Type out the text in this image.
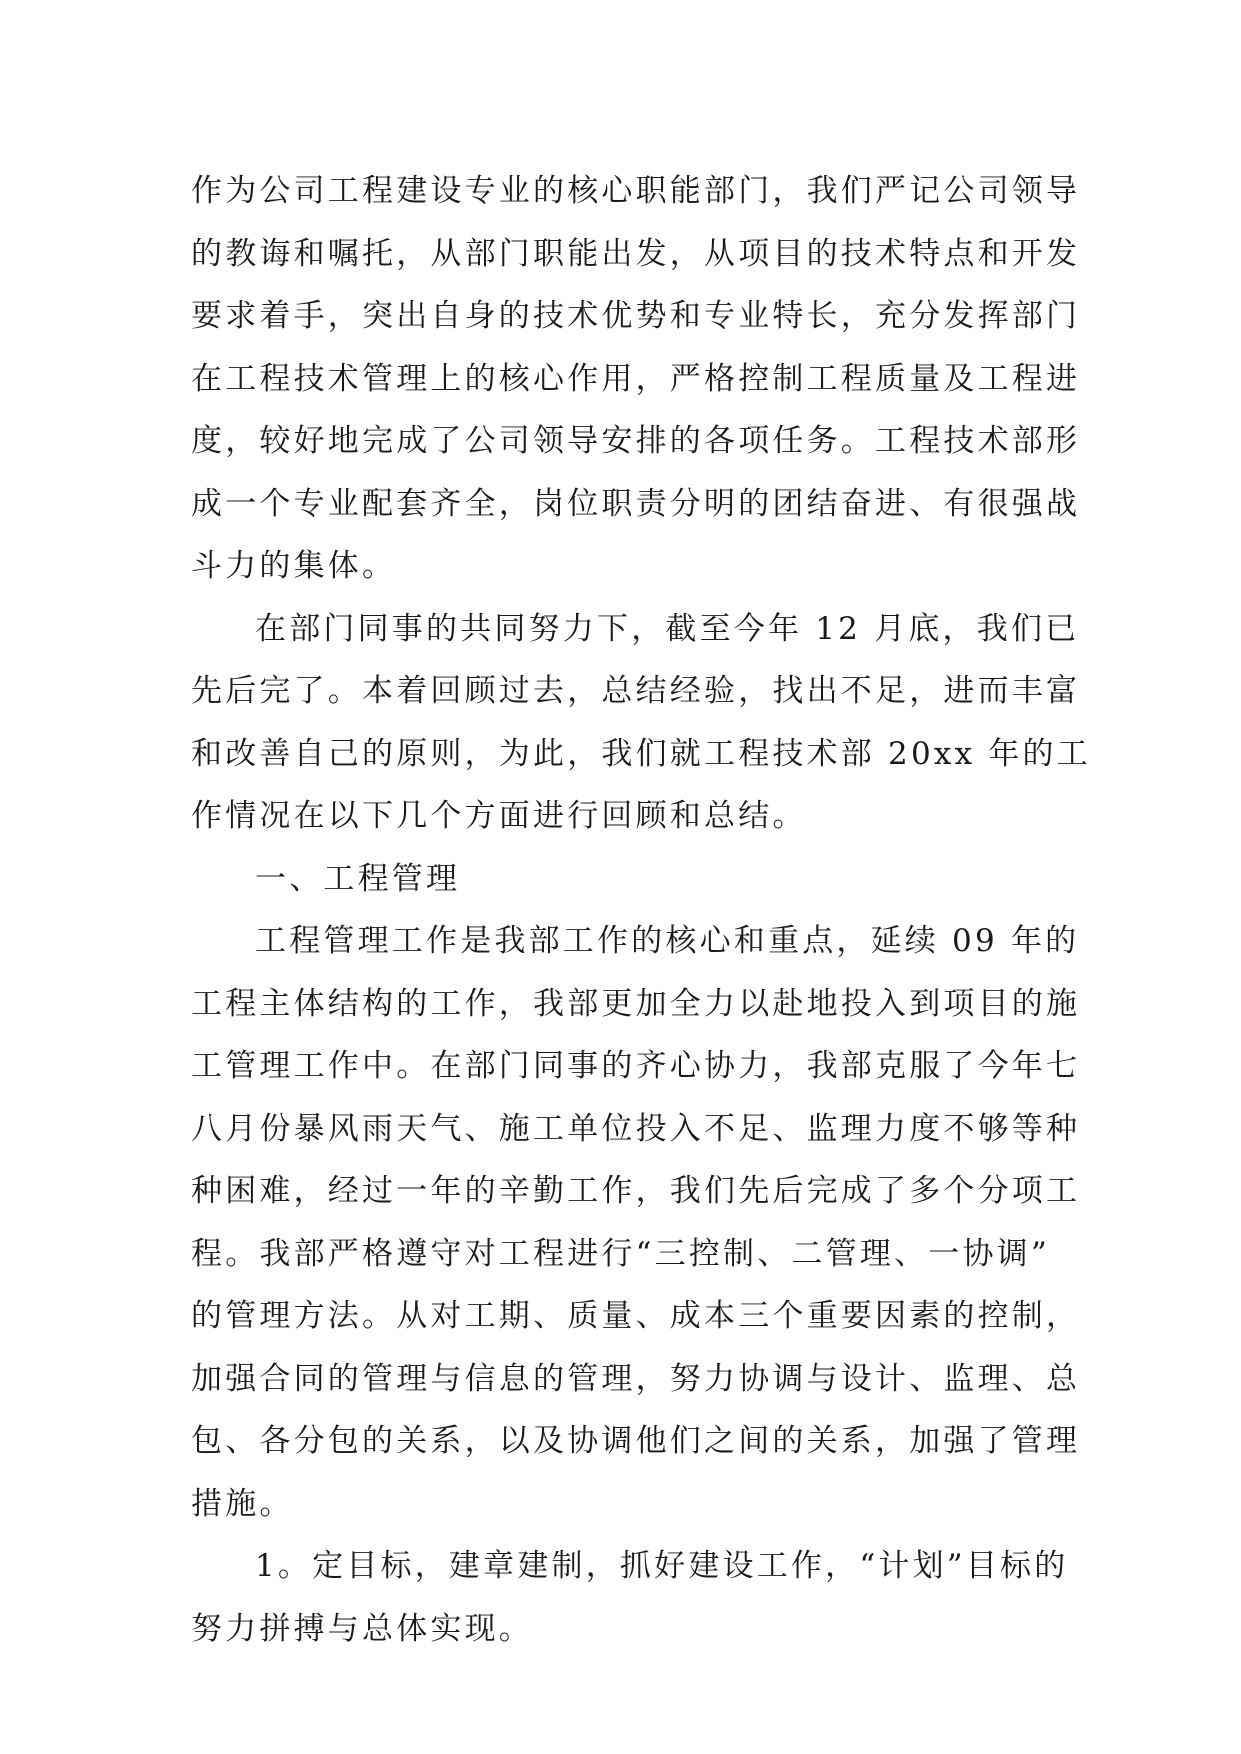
作为公司工程建设专业的核心职能部门，我们严记公司领导
的教诲和嘱托，从部门职能出发，从项目的技术特点和开发
要求着手，突出自身的技术优势和专业特长，充分发挥部门
在工程技术管理上的核心作用，严格控制工程质量及工程进
度，较好地完成了公司领导安排的各项任务。工程技术部形
成一个专业配套齐全，岗位职责分明的团结奋进、有很强战
斗力的集体。
在部门同事的共同努力下，截至今年 12 月底，我们已
先后完了。本着回顾过去，总结经验，找出不足，进而丰富
和改善自己的原则，为此，我们就工程技术部 20xx 年的工
作情况在以下几个方面进行回顾和总结。
一、工程管理
工程管理工作是我部工作的核心和重点，延续 09 年的
工程主体结构的工作，我部更加全力以赴地投入到项目的施
工管理工作中。在部门同事的齐心协力，我部克服了今年七
八月份暴风雨天气、施工单位投入不足、监理力度不够等种
种困难，经过一年的辛勤工作，我们先后完成了多个分项工
程。我部严格遵守对工程进行“三控制、二管理、一协调”
的管理方法。从对工期、质量、成本三个重要因素的控制，
加强合同的管理与信息的管理，努力协调与设计、监理、总
包、各分包的关系，以及协调他们之间的关系，加强了管理
措施。
1。定目标，建章建制，抓好建设工作，“计划”目标的
努力拼搏与总体实现。
